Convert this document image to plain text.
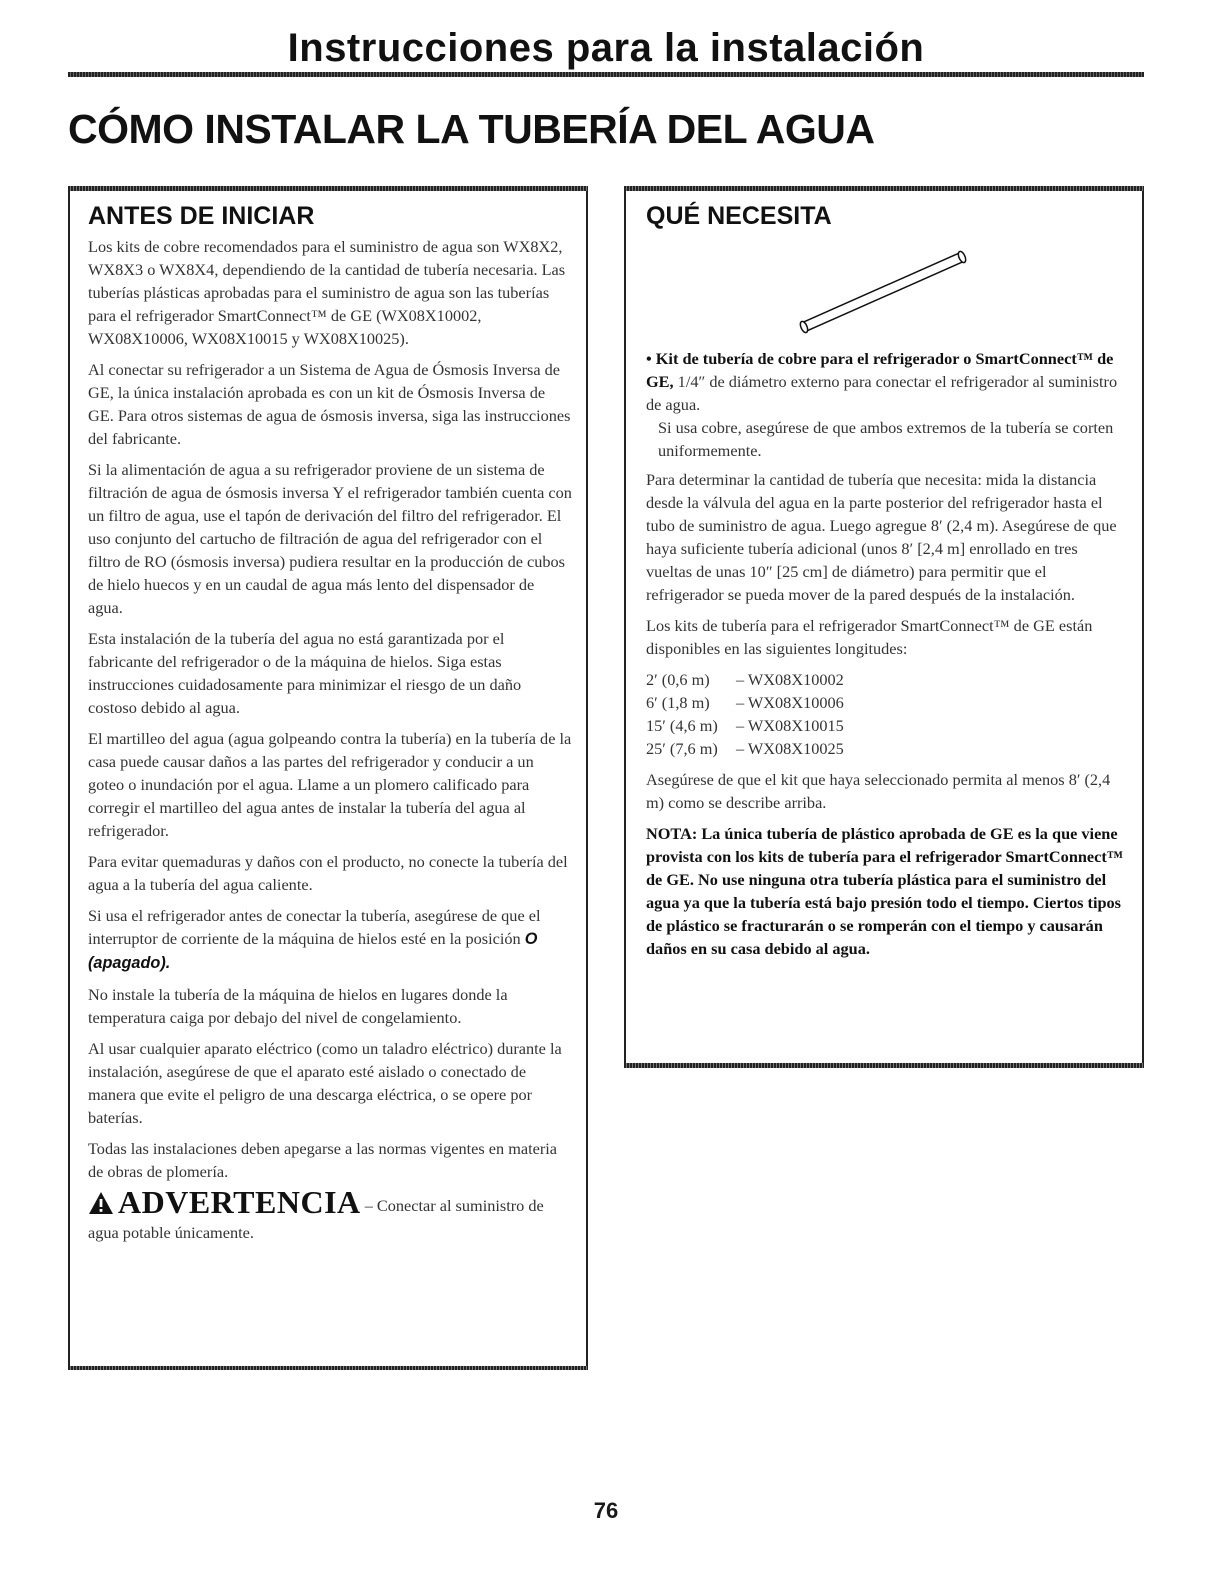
Instrucciones para la instalación
CÓMO INSTALAR LA TUBERÍA DEL AGUA
ANTES DE INICIAR

Los kits de cobre recomendados para el suministro de agua son WX8X2, WX8X3 o WX8X4, dependiendo de la cantidad de tubería necesaria. Las tuberías plásticas aprobadas para el suministro de agua son las tuberías para el refrigerador SmartConnect™ de GE (WX08X10002, WX08X10006, WX08X10015 y WX08X10025).

Al conectar su refrigerador a un Sistema de Agua de Ósmosis Inversa de GE, la única instalación aprobada es con un kit de Ósmosis Inversa de GE. Para otros sistemas de agua de ósmosis inversa, siga las instrucciones del fabricante.

Si la alimentación de agua a su refrigerador proviene de un sistema de filtración de agua de ósmosis inversa Y el refrigerador también cuenta con un filtro de agua, use el tapón de derivación del filtro del refrigerador. El uso conjunto del cartucho de filtración de agua del refrigerador con el filtro de RO (ósmosis inversa) pudiera resultar en la producción de cubos de hielo huecos y en un caudal de agua más lento del dispensador de agua.

Esta instalación de la tubería del agua no está garantizada por el fabricante del refrigerador o de la máquina de hielos. Siga estas instrucciones cuidadosamente para minimizar el riesgo de un daño costoso debido al agua.

El martilleo del agua (agua golpeando contra la tubería) en la tubería de la casa puede causar daños a las partes del refrigerador y conducir a un goteo o inundación por el agua. Llame a un plomero calificado para corregir el martilleo del agua antes de instalar la tubería del agua al refrigerador.

Para evitar quemaduras y daños con el producto, no conecte la tubería del agua a la tubería del agua caliente.

Si usa el refrigerador antes de conectar la tubería, asegúrese de que el interruptor de corriente de la máquina de hielos esté en la posición O (apagado).

No instale la tubería de la máquina de hielos en lugares donde la temperatura caiga por debajo del nivel de congelamiento.

Al usar cualquier aparato eléctrico (como un taladro eléctrico) durante la instalación, asegúrese de que el aparato esté aislado o conectado de manera que evite el peligro de una descarga eléctrica, o se opere por baterías.

Todas las instalaciones deben apegarse a las normas vigentes en materia de obras de plomería.

ADVERTENCIA – Conectar al suministro de agua potable únicamente.
QUÉ NECESITA
• Kit de tubería de cobre para el refrigerador o SmartConnect™ de GE, 1/4″ de diámetro externo para conectar el refrigerador al suministro de agua.
Si usa cobre, asegúrese de que ambos extremos de la tubería se corten uniformemente.

Para determinar la cantidad de tubería que necesita: mida la distancia desde la válvula del agua en la parte posterior del refrigerador hasta el tubo de suministro de agua. Luego agregue 8′ (2,4 m). Asegúrese de que haya suficiente tubería adicional (unos 8′ [2,4 m] enrollado en tres vueltas de unas 10″ [25 cm] de diámetro) para permitir que el refrigerador se pueda mover de la pared después de la instalación.

Los kits de tubería para el refrigerador SmartConnect™ de GE están disponibles en las siguientes longitudes:

2′ (0,6 m) – WX08X10002
6′ (1,8 m) – WX08X10006
15′ (4,6 m) – WX08X10015
25′ (7,6 m) – WX08X10025

Asegúrese de que el kit que haya seleccionado permita al menos 8′ (2,4 m) como se describe arriba.

NOTA: La única tubería de plástico aprobada de GE es la que viene provista con los kits de tubería para el refrigerador SmartConnect™ de GE. No use ninguna otra tubería plástica para el suministro del agua ya que la tubería está bajo presión todo el tiempo. Ciertos tipos de plástico se fracturarán o se romperán con el tiempo y causarán daños en su casa debido al agua.

76
